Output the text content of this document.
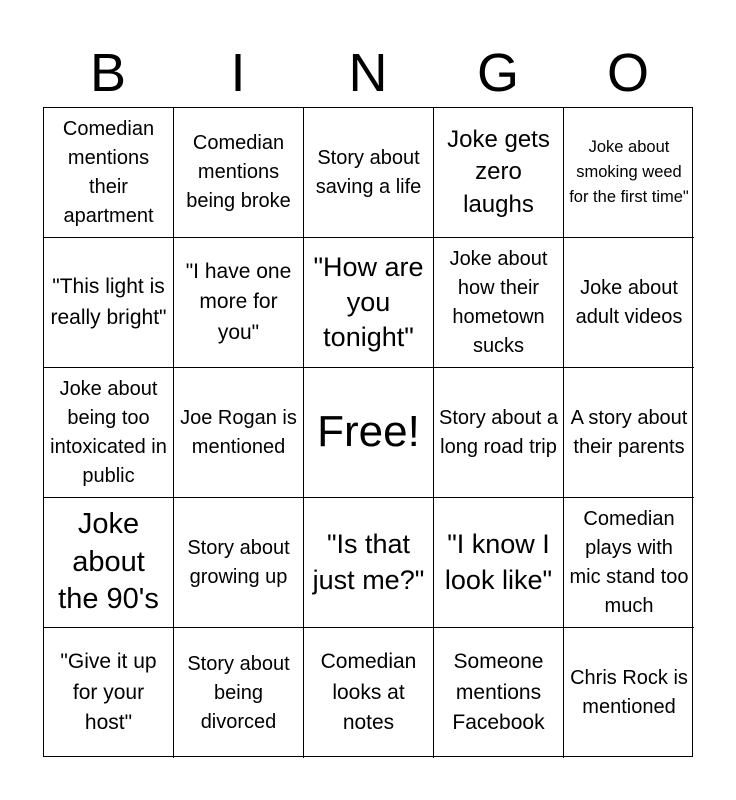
B	I	N	G	O
Comedian mentions their apartment
Comedian mentions being broke
Story about saving a life
Joke gets zero laughs
Joke about smoking weed for the first time"
"This light is really bright"
"I have one more for you"
"How are you tonight"
Joke about how their hometown sucks
Joke about adult videos
Joke about being too intoxicated in public
Joe Rogan is mentioned Free! Story about a long road trip
A story about their parents
Joke about the 90's
Story about growing up
"Is that just me?"
"I know I look like"
Comedian plays with mic stand too much
"Give it up for your host"
Story about being divorced
Comedian looks at notes
Someone mentions Facebook
Chris Rock is mentioned
